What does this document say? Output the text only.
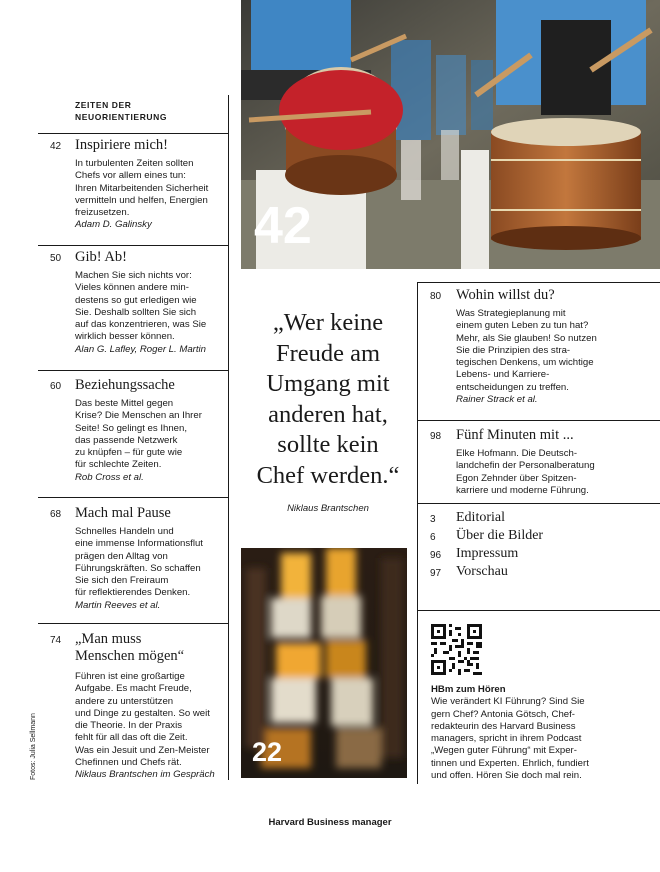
ZEITEN DER NEUORIENTIERUNG
42 Inspiriere mich!
In turbulenten Zeiten sollten
Chefs vor allem eines tun:
Ihren Mitarbeitenden Sicherheit
vermitteln und helfen, Energien
freizusetzen.
Adam D. Galinsky
50 Gib! Ab!
Machen Sie sich nichts vor:
Vieles können andere min-
destens so gut erledigen wie
Sie. Deshalb sollten Sie sich
auf das konzentrieren, was Sie
wirklich besser können.
Alan G. Lafley, Roger L. Martin
60 Beziehungssache
Das beste Mittel gegen
Krise? Die Menschen an Ihrer
Seite! So gelingt es Ihnen,
das passende Netzwerk
zu knüpfen – für gute wie
für schlechte Zeiten.
Rob Cross et al.
68 Mach mal Pause
Schnelles Handeln und
eine immense Informationsflut
prägen den Alltag von
Führungskräften. So schaffen
Sie sich den Freiraum
für reflektierendes Denken.
Martin Reeves et al.
74 „Man muss
Menschen mögen“
Führen ist eine großartige
Aufgabe. Es macht Freude,
andere zu unterstützen
und Dinge zu gestalten. So weit
die Theorie. In der Praxis
fehlt für all das oft die Zeit.
Was ein Jesuit und Zen-Meister
Chefinnen und Chefs rät.
Niklaus Brantschen im Gespräch
Fotos: Julia Sellmann
42
„Wer keine
Freude am
Umgang mit
anderen hat,
sollte kein
Chef werden.“
Niklaus Brantschen
22
80	Wohin willst du?
Was Strategieplanung mit
einem guten Leben zu tun hat?
Mehr, als Sie glauben! So nutzen
Sie die Prinzipien des stra-
tegischen Denkens, um wichtige
Lebens- und Karriere-
entscheidungen zu treffen.
Rainer Strack et al.
98	Fünf Minuten mit ...
Elke Hofmann. Die Deutsch-
landchefin der Personalberatung
Egon Zehnder über Spitzen-
karriere und moderne Führung.
3 Editorial
6 Über die Bilder
96 Impressum
97 Vorschau
HBm zum Hören
Wie verändert KI Führung? Sind Sie
gern Chef? Antonia Götsch, Chef-
redakteurin des Harvard Business
managers, spricht in ihrem Podcast
„Wegen guter Führung“ mit Exper-
tinnen und Experten. Ehrlich, fundiert
und offen. Hören Sie doch mal rein.
Harvard Business manager
